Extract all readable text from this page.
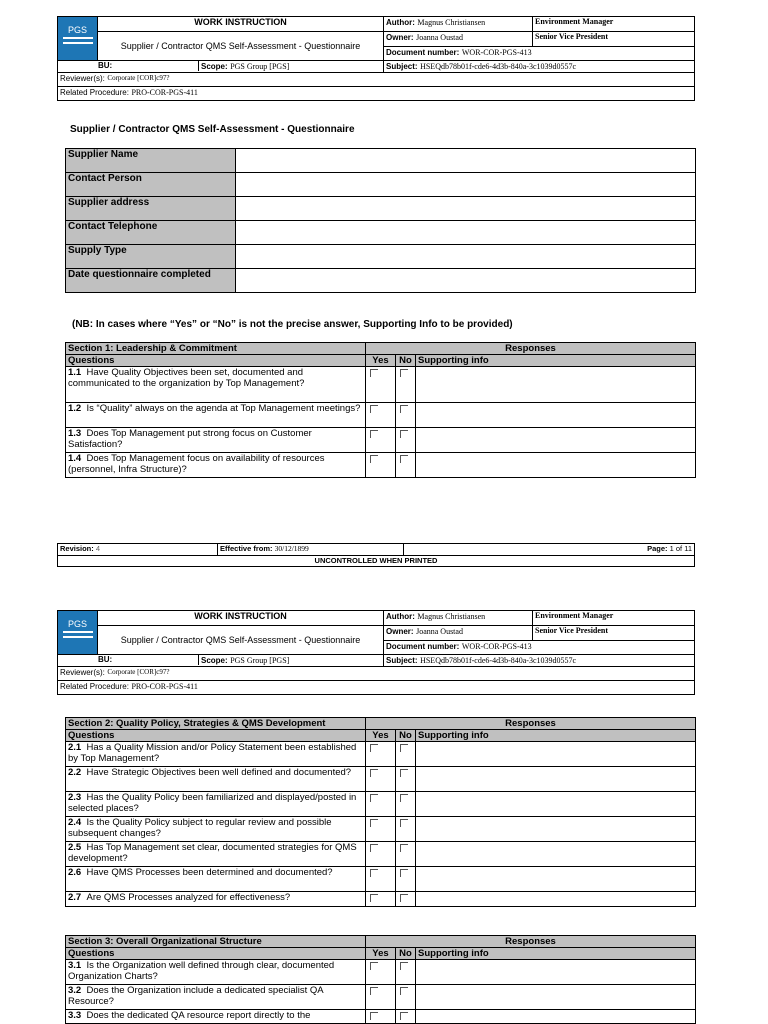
PGS	WORK INSTRUCTION	Author: Magnus Christiansen	Environment Manager
	Supplier / Contractor QMS Self-Assessment - Questionnaire	Owner: Joanna Oustad	Senior Vice President
		Document number: WOR-COR-PGS-413	

BU: Scope: PGS Group [PGS]		Subject: HSEQdb78b01f-cde6-4d3b-840a-3c1039d0557c	
Reviewer(s): $^{Corporate [COR]c97?}$
Related Procedure: PRO-COR-PGS-411			
Supplier / Contractor QMS Self-Assessment - Questionnaire
Supplier Name	
Contact Person	
Supplier address	
Contact Telephone	
Supply Type	
Date questionnaire completed	
(NB: In cases where “Yes” or “No” is not the precise answer, Supporting Info to be provided)
Section 1: Leadership & Commitment	Responses		
Questions	Yes	No	Supporting info
1.1 Have Quality Objectives been set, documented and communicated to the organization by Top Management?			
1.2 Is “Quality” always on the agenda at Top Management meetings?			
1.3 Does Top Management put strong focus on Customer Satisfaction?			
1.4 Does Top Management focus on availability of resources (personnel, Infra Structure)?			
Revision: 4	Effective from: 30/12/1899	Page: 1 of 11
UNCONTROLLED WHEN PRINTED
PGS	WORK INSTRUCTION	Author: Magnus Christiansen	Environment Manager
	Supplier / Contractor QMS Self-Assessment - Questionnaire	Owner: Joanna Oustad	Senior Vice President
		Document number: WOR-COR-PGS-413	

BU: Scope: PGS Group [PGS]		Subject: HSEQdb78b01f-cde6-4d3b-840a-3c1039d0557c	
Reviewer(s): $^{Corporate [COR]c97?}$
Related Procedure: PRO-COR-PGS-411			
Section 2: Quality Policy, Strategies & QMS Development	Responses		
Questions	Yes	No	Supporting info
2.1 Has a Quality Mission and/or Policy Statement been established by Top Management?			
2.2 Have Strategic Objectives been well defined and documented?			
2.3 Has the Quality Policy been familiarized and displayed/posted in selected places?			
2.4 Is the Quality Policy subject to regular review and possible subsequent changes?			
2.5 Has Top Management set clear, documented strategies for QMS development?			
2.6 Have QMS Processes been determined and documented?			
2.7 Are QMS Processes analyzed for effectiveness?			
Section 3: Overall Organizational Structure	Responses		
Questions	Yes	No	Supporting info
3.1 Is the Organization well defined through clear, documented Organization Charts?			
3.2 Does the Organization include a dedicated specialist QA Resource?			
3.3 Does the dedicated QA resource report directly to the			
